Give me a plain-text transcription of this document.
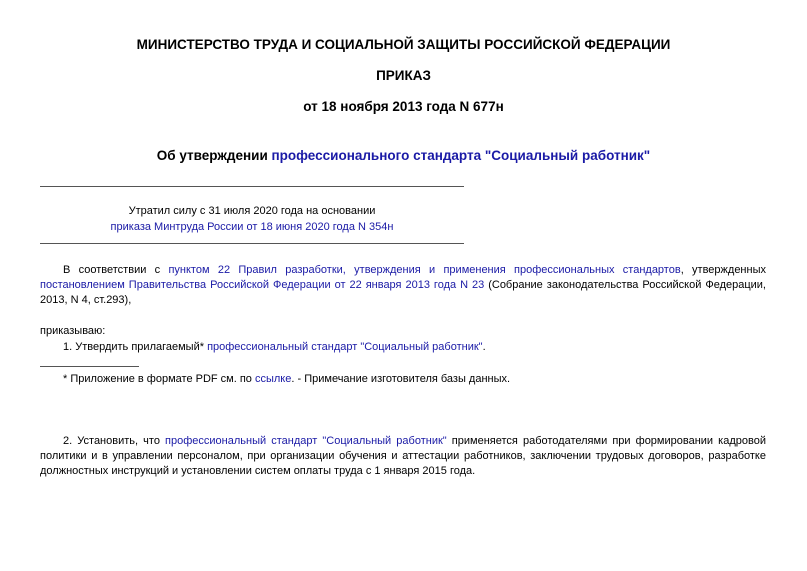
МИНИСТЕРСТВО ТРУДА И СОЦИАЛЬНОЙ ЗАЩИТЫ РОССИЙСКОЙ ФЕДЕРАЦИИ

ПРИКАЗ

от 18 ноября 2013 года N 677н

Об утверждении профессионального стандарта "Социальный работник"

Утратил силу с 31 июля 2020 года на основании

приказа Минтруда России от 18 июня 2020 года N 354н

В соответствии с пунктом 22 Правил разработки, утверждения и применения профессиональных стандартов, утвержденных постановлением Правительства Российской Федерации от 22 января 2013 года N 23 (Собрание законодательства Российской Федерации, 2013, N 4, ст.293),

приказываю:

1. Утвердить прилагаемый* профессиональный стандарт "Социальный работник".

* Приложение в формате PDF см. по ссылке. - Примечание изготовителя базы данных.

2. Установить, что профессиональный стандарт "Социальный работник" применяется работодателями при формировании кадровой политики и в управлении персоналом, при организации обучения и аттестации работников, заключении трудовых договоров, разработке должностных инструкций и установлении систем оплаты труда с 1 января 2015 года.
